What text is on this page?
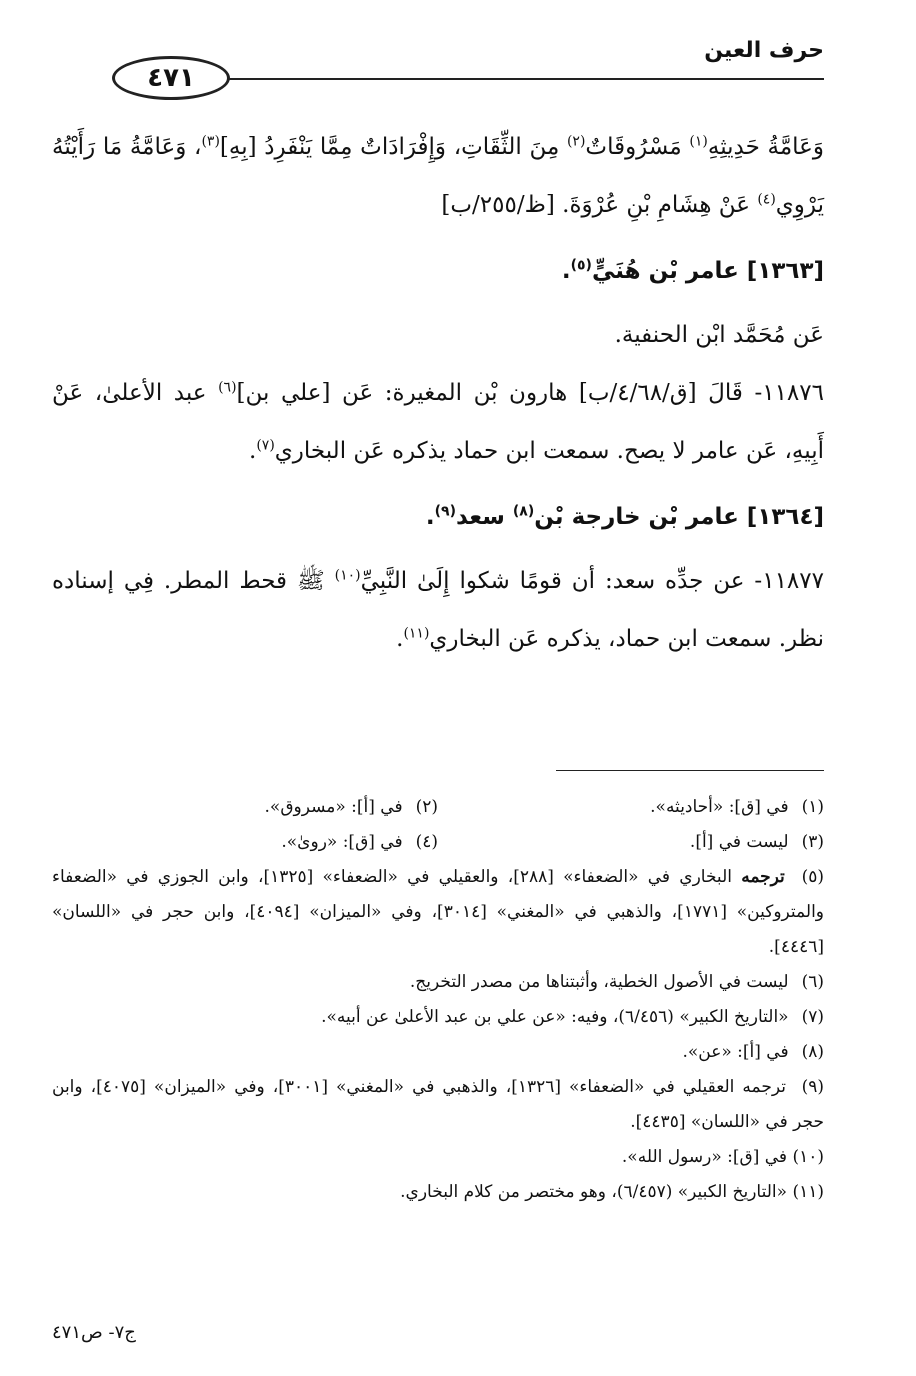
حرف العين
٤٧١

وَعَامَّةُ حَدِيثِهِ$^{(١)}$ مَسْرُوقَاتٌ$^{(٢)}$ مِنَ الثِّقَاتِ، وَإِفْرَادَاتٌ مِمَّا يَنْفَرِدُ [بِهِ]$^{(٣)}$، وَعَامَّةُ مَا رَأَيْتُهُ يَرْوِي$^{(٤)}$ عَنْ هِشَامِ بْنِ عُرْوَةَ. [ظ/٢٥٥/ب]

[١٣٦٣] عامر بْن هُنَيٍّ$^{(٥)}$.

عَن مُحَمَّد ابْن الحنفية.

١١٨٧٦- قَالَ [ق/٤/٦٨/ب] هارون بْن المغيرة: عَن [علي بن]$^{(٦)}$ عبد الأعلىٰ، عَنْ أَبِيهِ، عَن عامر لا يصح. سمعت ابن حماد يذكره عَن البخاري$^{(٧)}$.

[١٣٦٤] عامر بْن خارجة بْن$^{(٨)}$ سعد$^{(٩)}$.

١١٨٧٧- عن جدِّه سعد: أن قومًا شكوا إِلَىٰ النَّبِيِّ$^{(١٠)}$ ﷺ قحط المطر. فِي إسناده نظر. سمعت ابن حماد، يذكره عَن البخاري$^{(١١)}$.

(١) في [ق]: «أحاديثه».
(٢) في [أ]: «مسروق».
(٣) ليست في [أ].
(٤) في [ق]: «روىٰ».

(٥) ترجمه البخاري في «الضعفاء» [٢٨٨]، والعقيلي في «الضعفاء» [١٣٢٥]، وابن الجوزي في «الضعفاء والمتروكين» [١٧٧١]، والذهبي في «المغني» [٣٠١٤]، وفي «الميزان» [٤٠٩٤]، وابن حجر في «اللسان» [٤٤٤٦].

(٦) ليست في الأصول الخطية، وأثبتناها من مصدر التخريج.

(٧) «التاريخ الكبير» (٦/٤٥٦)، وفيه: «عن علي بن عبد الأعلىٰ عن أبيه».

(٨) في [أ]: «عن».

(٩) ترجمه العقيلي في «الضعفاء» [١٣٢٦]، والذهبي في «المغني» [٣٠٠١]، وفي «الميزان» [٤٠٧٥]، وابن حجر في «اللسان» [٤٤٣٥].

(١٠) في [ق]: «رسول الله».

(١١) «التاريخ الكبير» (٦/٤٥٧)، وهو مختصر من كلام البخاري.

ج٧- ص٤٧١
